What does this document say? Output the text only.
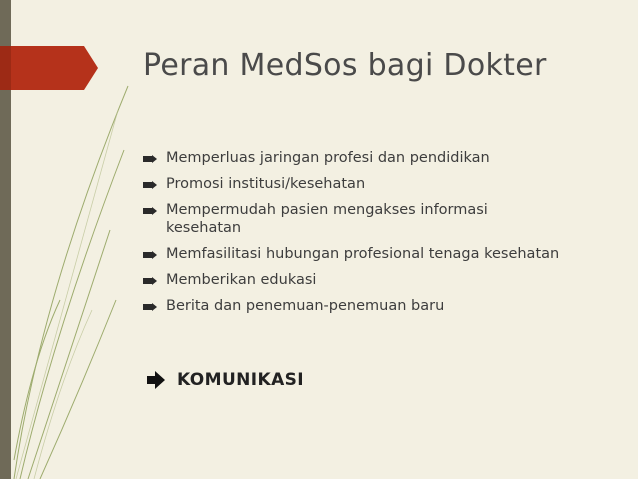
Peran MedSos bagi Dokter
Memperluas jaringan profesi dan pendidikan
Promosi institusi/kesehatan
Mempermudah pasien mengakses informasi kesehatan
Memfasilitasi hubungan profesional tenaga kesehatan
Memberikan edukasi
Berita dan penemuan-penemuan baru
KOMUNIKASI
